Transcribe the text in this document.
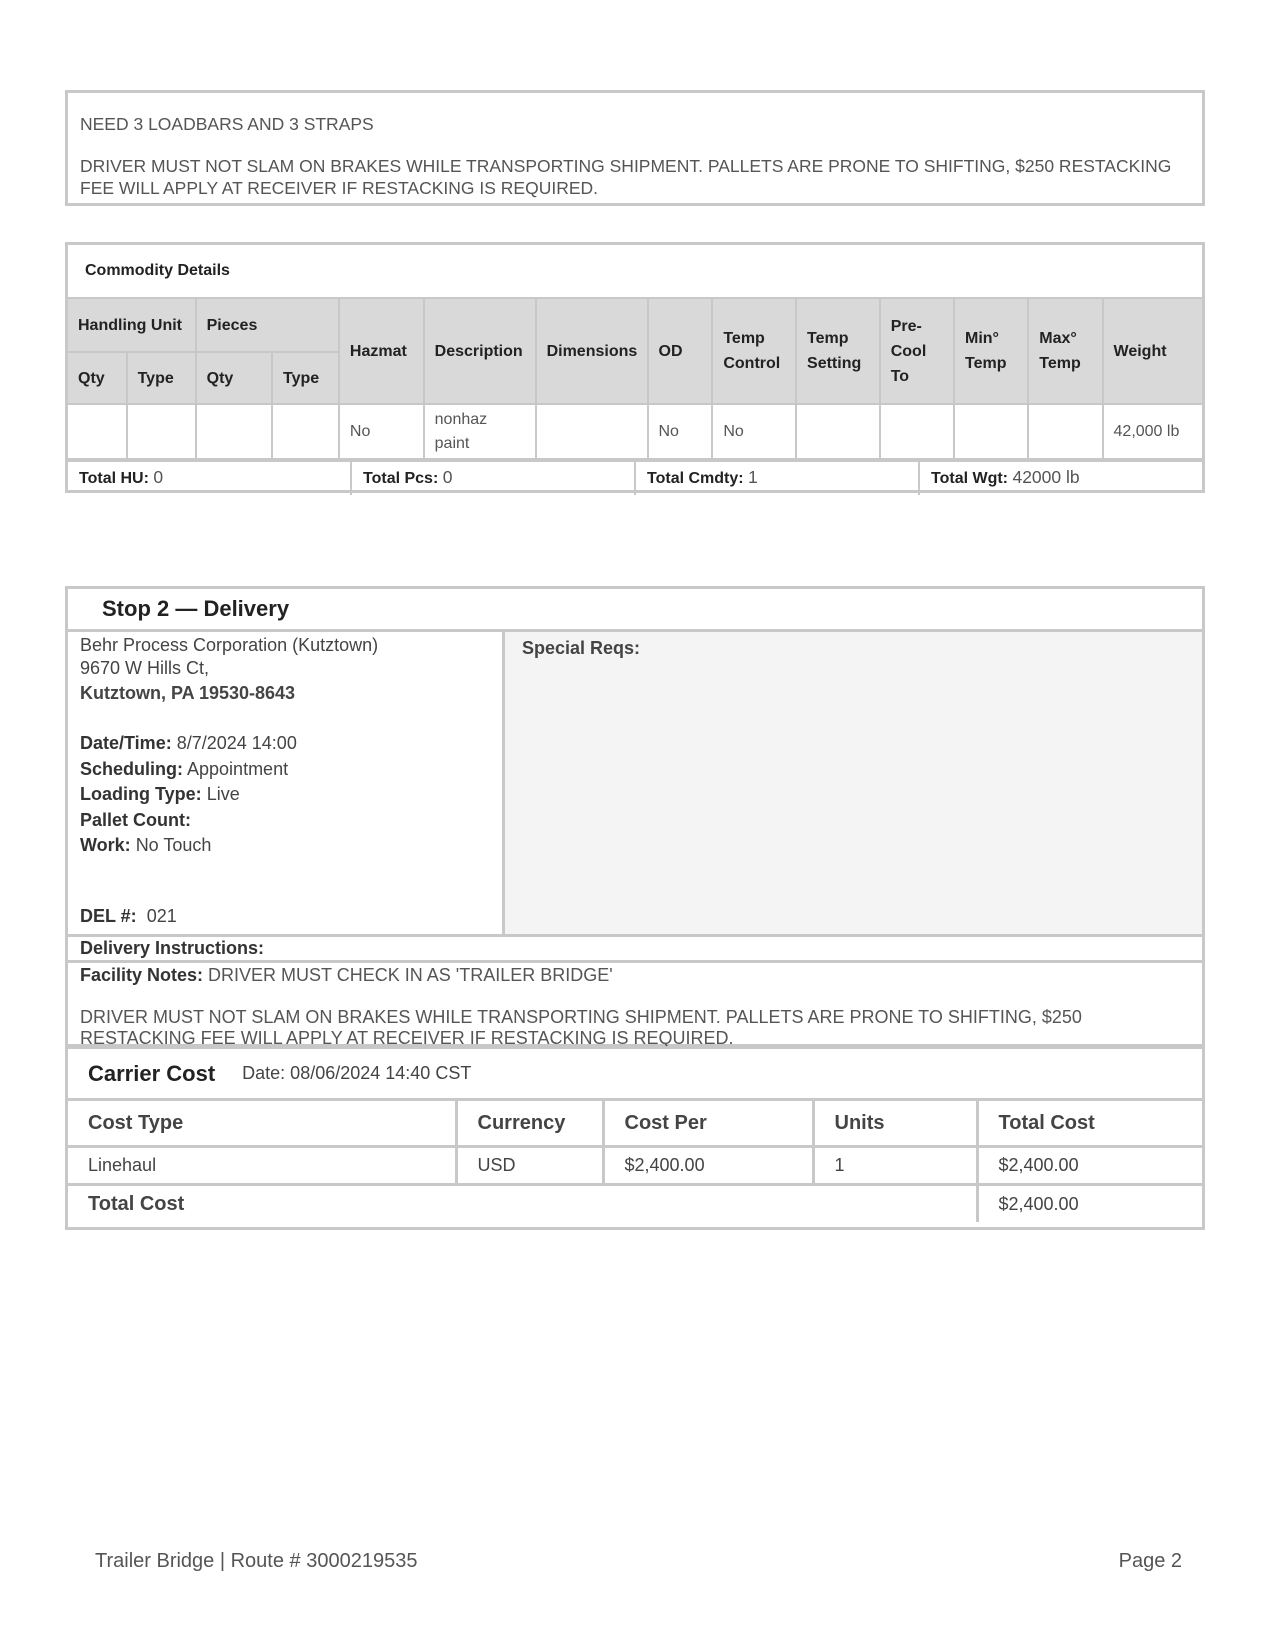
NEED 3 LOADBARS AND 3 STRAPS

DRIVER MUST NOT SLAM ON BRAKES WHILE TRANSPORTING SHIPMENT. PALLETS ARE PRONE TO SHIFTING, $250 RESTACKING FEE WILL APPLY AT RECEIVER IF RESTACKING IS REQUIRED.

Commodity Details
Handling Unit		Pieces		Hazmat	Description	Dimensions	OD	Temp Control	Temp Setting	Pre-Cool To	Min° Temp	Max° Temp	Weight
Qty	Type	Qty	Type										
				No	nonhaz paint		No	No					42,000 lb
Total HU: 0	Total Pcs: 0	Total Cmdty: 1	Total Wgt: 42000 lb
Stop 2 — Delivery
Behr Process Corporation (Kutztown)
9670 W Hills Ct,
Kutztown, PA 19530-8643
Date/Time: 8/7/2024 14:00
Scheduling: Appointment
Loading Type: Live
Pallet Count:
Work: No Touch
DEL #: 021
Special Reqs:
Delivery Instructions:

Facility Notes: DRIVER MUST CHECK IN AS 'TRAILER BRIDGE'

DRIVER MUST NOT SLAM ON BRAKES WHILE TRANSPORTING SHIPMENT. PALLETS ARE PRONE TO SHIFTING, $250 RESTACKING FEE WILL APPLY AT RECEIVER IF RESTACKING IS REQUIRED.

Carrier Cost Date: 08/06/2024 14:40 CST
Cost Type	Currency	Cost Per	Units	Total Cost
Linehaul	USD	$2,400.00	1	$2,400.00
Total Cost				$2,400.00
Trailer Bridge | Route # 3000219535	Page 2
